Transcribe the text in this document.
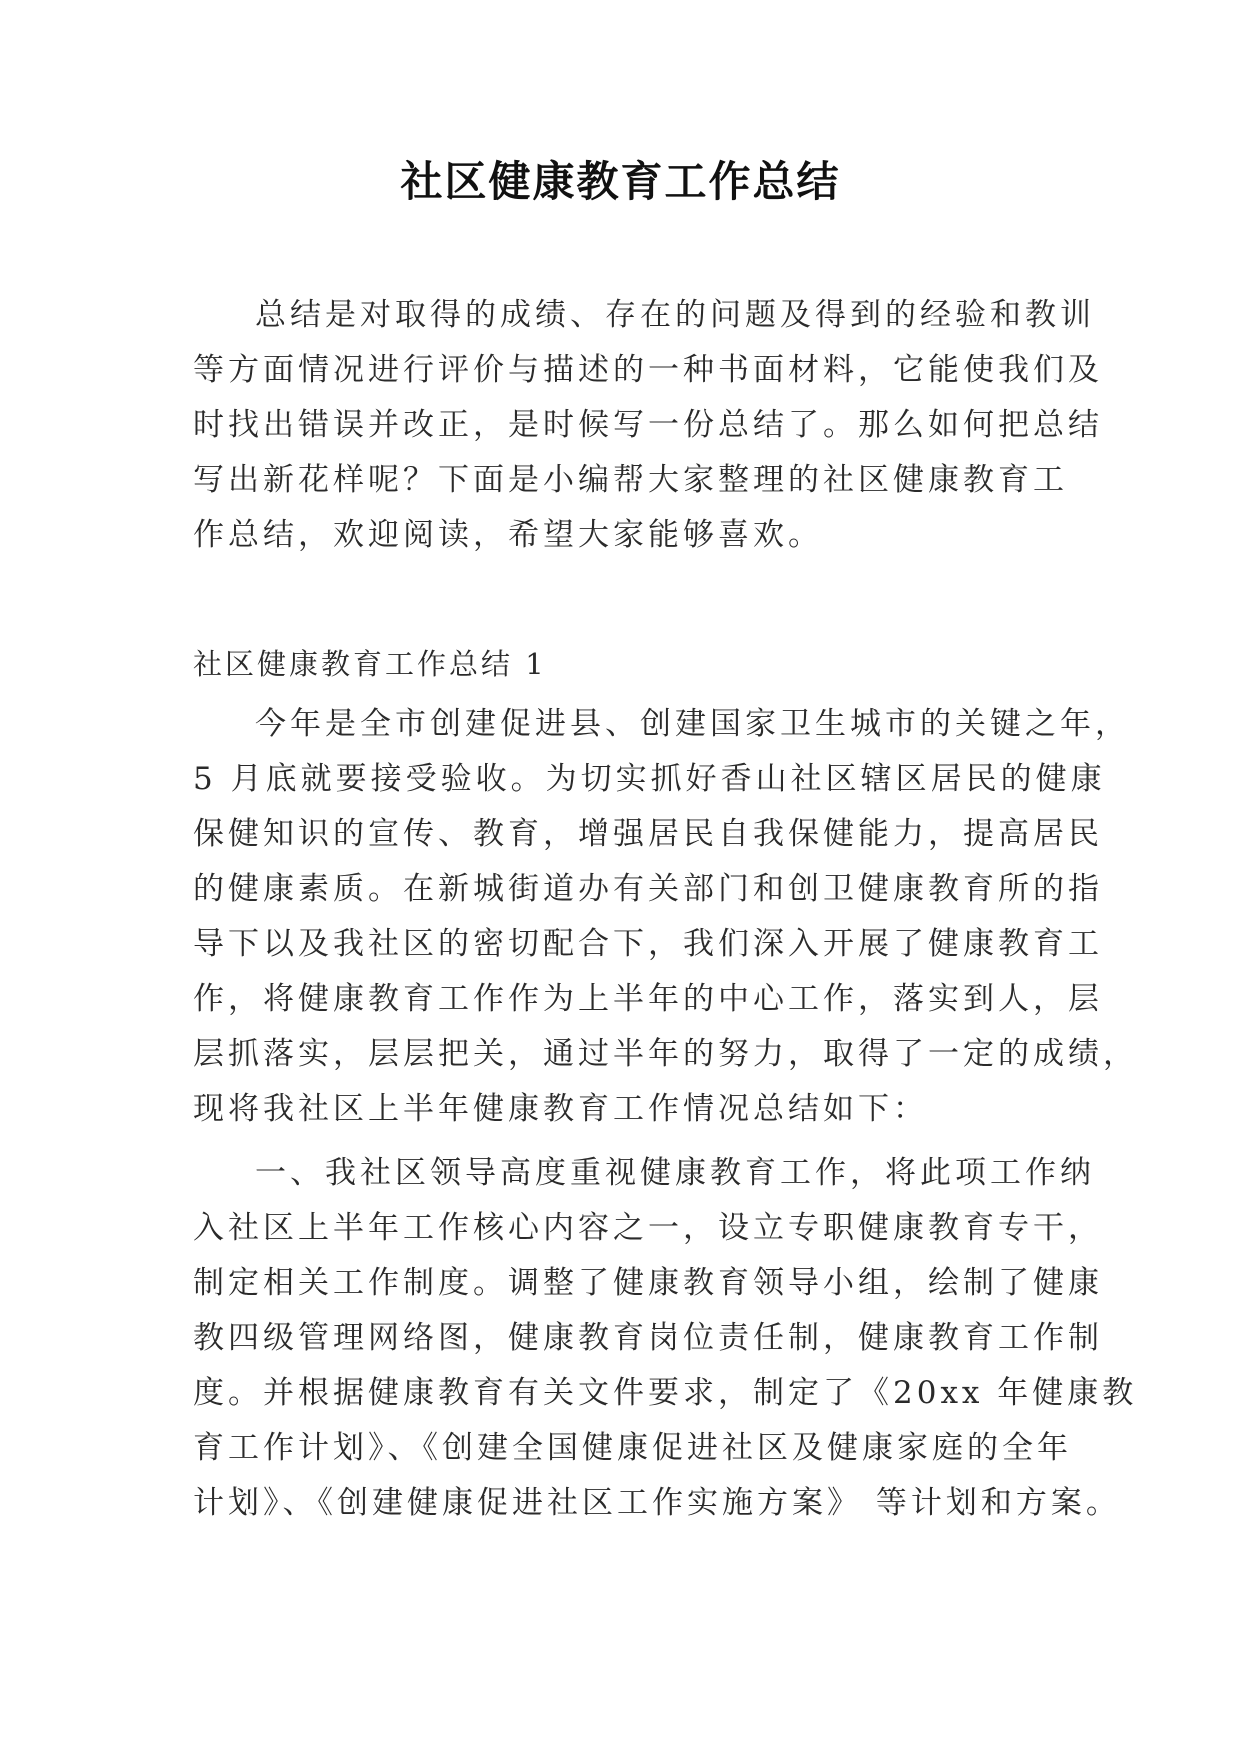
社区健康教育工作总结
总结是对取得的成绩、存在的问题及得到的经验和教训
等方面情况进行评价与描述的一种书面材料，它能使我们及
时找出错误并改正，是时候写一份总结了。那么如何把总结
写出新花样呢？下面是小编帮大家整理的社区健康教育工
作总结，欢迎阅读，希望大家能够喜欢。
社区健康教育工作总结 1
今年是全市创建促进县、创建国家卫生城市的关键之年，
5 月底就要接受验收。为切实抓好香山社区辖区居民的健康
保健知识的宣传、教育，增强居民自我保健能力，提高居民
的健康素质。在新城街道办有关部门和创卫健康教育所的指
导下以及我社区的密切配合下，我们深入开展了健康教育工
作，将健康教育工作作为上半年的中心工作，落实到人，层
层抓落实，层层把关，通过半年的努力，取得了一定的成绩，
现将我社区上半年健康教育工作情况总结如下：
一、我社区领导高度重视健康教育工作，将此项工作纳
入社区上半年工作核心内容之一，设立专职健康教育专干，
制定相关工作制度。调整了健康教育领导小组，绘制了健康
教四级管理网络图，健康教育岗位责任制，健康教育工作制
度。并根据健康教育有关文件要求，制定了《20xx 年健康教
育工作计划》、《创建全国健康促进社区及健康家庭的全年
计划》、《创建健康促进社区工作实施方案》 等计划和方案。
